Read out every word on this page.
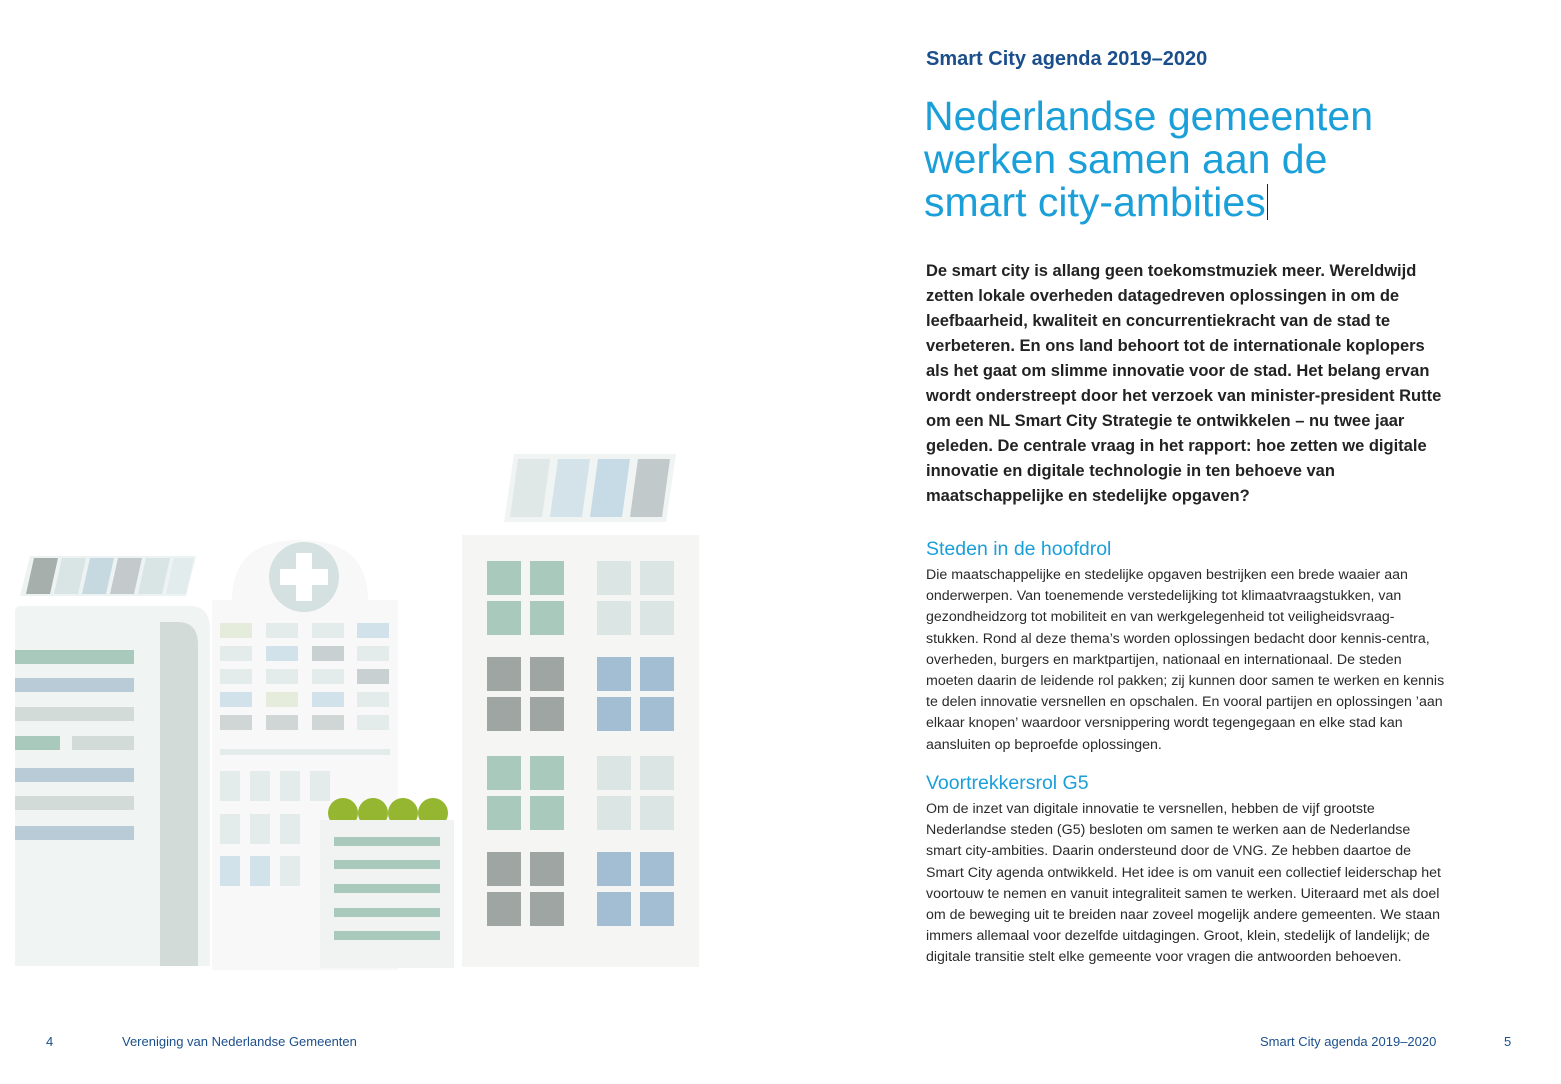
Smart City agenda 2019–2020
Nederlandse gemeenten
werken samen aan de
smart city-ambities

De smart city is allang geen toekomstmuziek meer. Wereldwijd zetten lokale overheden datagedreven oplossingen in om de leefbaarheid, kwaliteit en concurrentiekracht van de stad te verbeteren. En ons land behoort tot de internationale koplopers als het gaat om slimme innovatie voor de stad. Het belang ervan wordt onderstreept door het verzoek van minister-president Rutte om een NL Smart City Strategie te ontwikkelen – nu twee jaar geleden. De centrale vraag in het rapport: hoe zetten we digitale innovatie en digitale technologie in ten behoeve van maatschappelijke en stedelijke opgaven?

Steden in de hoofdrol

Die maatschappelijke en stedelijke opgaven bestrijken een brede waaier aan onderwerpen. Van toenemende verstedelijking tot klimaatvraagstukken, van gezondheidzorg tot mobiliteit en van werkgelegenheid tot veiligheidsvraag-stukken. Rond al deze thema’s worden oplossingen bedacht door kennis-centra, overheden, burgers en marktpartijen, nationaal en internationaal. De steden moeten daarin de leidende rol pakken; zij kunnen door samen te werken en kennis te delen innovatie versnellen en opschalen. En vooral partijen en oplossingen ’aan elkaar knopen’ waardoor versnippering wordt tegengegaan en elke stad kan aansluiten op beproefde oplossingen.

Voortrekkersrol G5

Om de inzet van digitale innovatie te versnellen, hebben de vijf grootste Nederlandse steden (G5) besloten om samen te werken aan de Nederlandse smart city-ambities. Daarin ondersteund door de VNG. Ze hebben daartoe de Smart City agenda ontwikkeld. Het idee is om vanuit een collectief leiderschap het voortouw te nemen en vanuit integraliteit samen te werken. Uiteraard met als doel om de beweging uit te breiden naar zoveel mogelijk andere gemeenten. We staan immers allemaal voor dezelfde uitdagingen. Groot, klein, stedelijk of landelijk; de digitale transitie stelt elke gemeente voor vragen die antwoorden behoeven.

4	Vereniging van Nederlandse Gemeenten	Smart City agenda 2019–2020	5
